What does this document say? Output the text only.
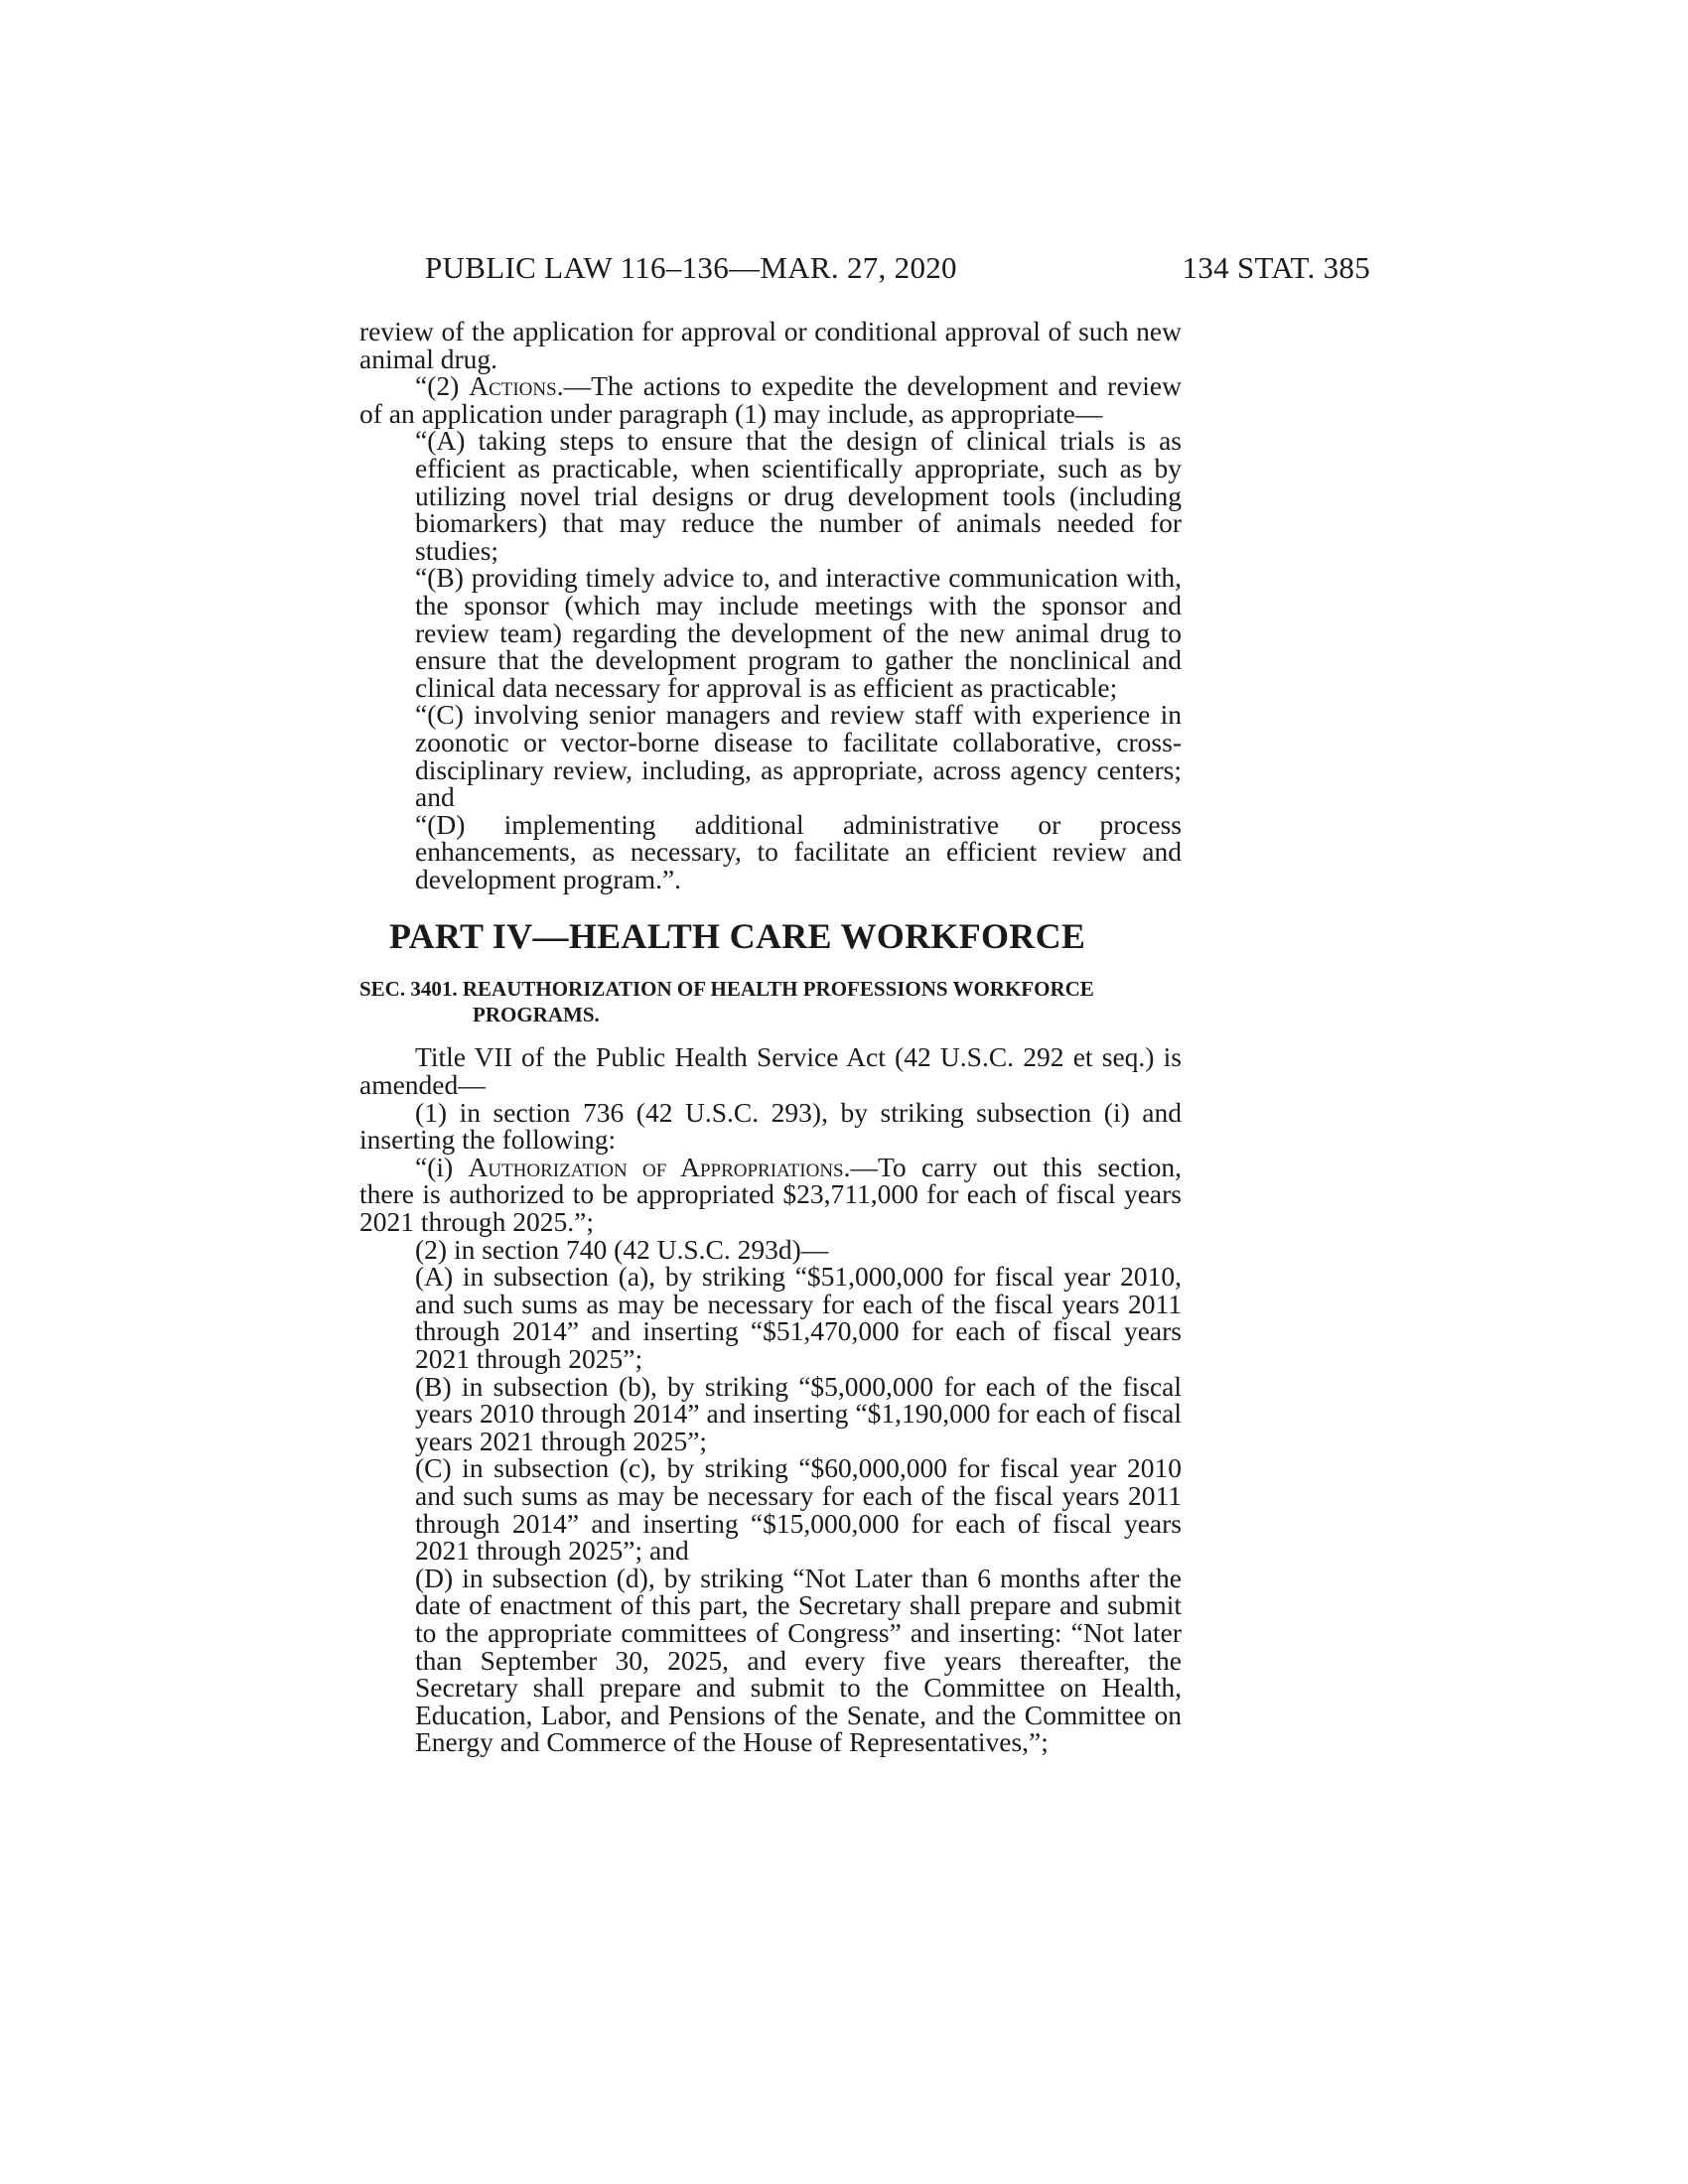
PUBLIC LAW 116–136—MAR. 27, 2020	134 STAT. 385

review of the application for approval or conditional approval of such new animal drug.

“(2) Actions.—The actions to expedite the development and review of an application under paragraph (1) may include, as appropriate—

“(A) taking steps to ensure that the design of clinical trials is as efficient as practicable, when scientifically appropriate, such as by utilizing novel trial designs or drug development tools (including biomarkers) that may reduce the number of animals needed for studies;

“(B) providing timely advice to, and interactive communication with, the sponsor (which may include meetings with the sponsor and review team) regarding the development of the new animal drug to ensure that the development program to gather the nonclinical and clinical data necessary for approval is as efficient as practicable;

“(C) involving senior managers and review staff with experience in zoonotic or vector-borne disease to facilitate collaborative, cross-disciplinary review, including, as appropriate, across agency centers; and

“(D) implementing additional administrative or process enhancements, as necessary, to facilitate an efficient review and development program.”.

PART IV—HEALTH CARE WORKFORCE
SEC. 3401. REAUTHORIZATION OF HEALTH PROFESSIONS WORKFORCE
PROGRAMS.

Title VII of the Public Health Service Act (42 U.S.C. 292 et seq.) is amended—

(1) in section 736 (42 U.S.C. 293), by striking subsection (i) and inserting the following:

“(i) Authorization of Appropriations.—To carry out this section, there is authorized to be appropriated $23,711,000 for each of fiscal years 2021 through 2025.”;

(2) in section 740 (42 U.S.C. 293d)—

(A) in subsection (a), by striking “$51,000,000 for fiscal year 2010, and such sums as may be necessary for each of the fiscal years 2011 through 2014” and inserting “$51,470,000 for each of fiscal years 2021 through 2025”;

(B) in subsection (b), by striking “$5,000,000 for each of the fiscal years 2010 through 2014” and inserting “$1,190,000 for each of fiscal years 2021 through 2025”;

(C) in subsection (c), by striking “$60,000,000 for fiscal year 2010 and such sums as may be necessary for each of the fiscal years 2011 through 2014” and inserting “$15,000,000 for each of fiscal years 2021 through 2025”; and

(D) in subsection (d), by striking “Not Later than 6 months after the date of enactment of this part, the Secretary shall prepare and submit to the appropriate committees of Congress” and inserting: “Not later than September 30, 2025, and every five years thereafter, the Secretary shall prepare and submit to the Committee on Health, Education, Labor, and Pensions of the Senate, and the Committee on Energy and Commerce of the House of Representatives,”;
